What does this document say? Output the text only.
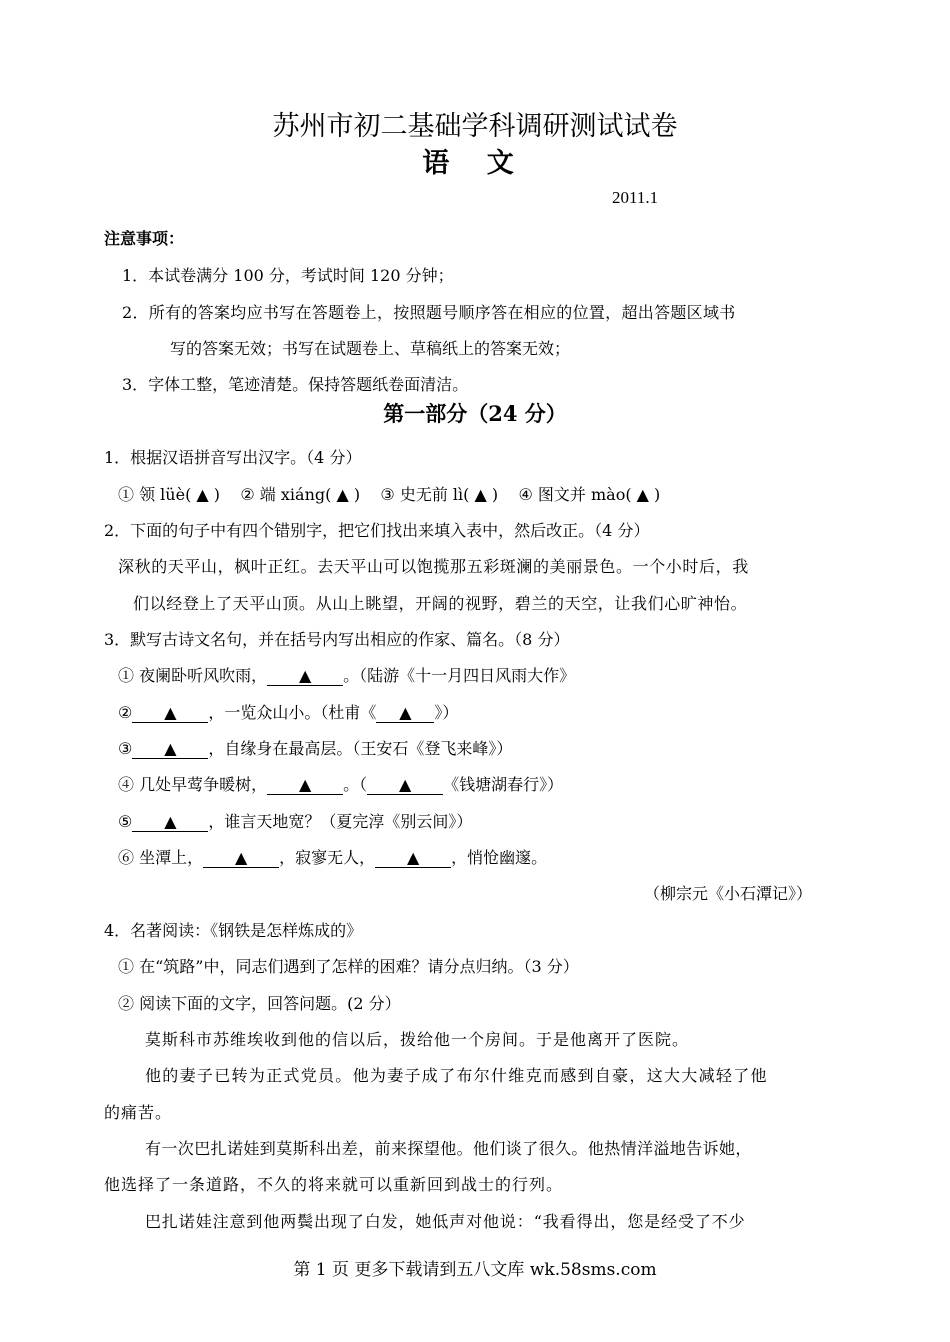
苏州市初二基础学科调研测试试卷
语 文
2011.1
注意事项：
1．本试卷满分 100 分，考试时间 120 分钟；
2．所有的答案均应书写在答题卷上，按照题号顺序答在相应的位置，超出答题区域书
写的答案无效；书写在试题卷上、草稿纸上的答案无效；
3．字体工整，笔迹清楚。保持答题纸卷面清洁。
第一部分（24 分）
1．根据汉语拼音写出汉字。（4 分）
① 领 lüè( ▲ )    ② 端 xiáng( ▲ )    ③ 史无前 lì( ▲ )    ④ 图文并 mào( ▲ )
2．下面的句子中有四个错别字，把它们找出来填入表中，然后改正。（4 分）
深秋的天平山，枫叶正红。去天平山可以饱揽那五彩斑澜的美丽景色。一个小时后，我
们以经登上了天平山顶。从山上眺望，开阔的视野，碧兰的天空，让我们心旷神怡。
3．默写古诗文名句，并在括号内写出相应的作家、篇名。（8 分）
① 夜阑卧听风吹雨， ▲ 。（陆游《十一月四日风雨大作》
② ▲ ，一览众山小。（杜甫《 ▲ 》）
③ ▲ ，自缘身在最高层。（王安石《登飞来峰》）
④ 几处早莺争暖树， ▲ 。（ ▲ 《钱塘湖春行》）
⑤ ▲ ，谁言天地宽？（夏完淳《别云间》）
⑥ 坐潭上， ▲ ，寂寥无人， ▲ ，悄怆幽邃。
（柳宗元《小石潭记》）
4．名著阅读：《钢铁是怎样炼成的》
① 在“筑路”中，同志们遇到了怎样的困难？请分点归纳。（3 分）
② 阅读下面的文字，回答问题。(2 分）
莫斯科市苏维埃收到他的信以后，拨给他一个房间。于是他离开了医院。
他的妻子已转为正式党员。他为妻子成了布尔什维克而感到自豪，这大大减轻了他
的痛苦。
有一次巴扎诺娃到莫斯科出差，前来探望他。他们谈了很久。他热情洋溢地告诉她，
他选择了一条道路，不久的将来就可以重新回到战士的行列。
巴扎诺娃注意到他两鬓出现了白发，她低声对他说：“我看得出，您是经受了不少
第 1 页 更多下载请到五八文库 wk.58sms.com
